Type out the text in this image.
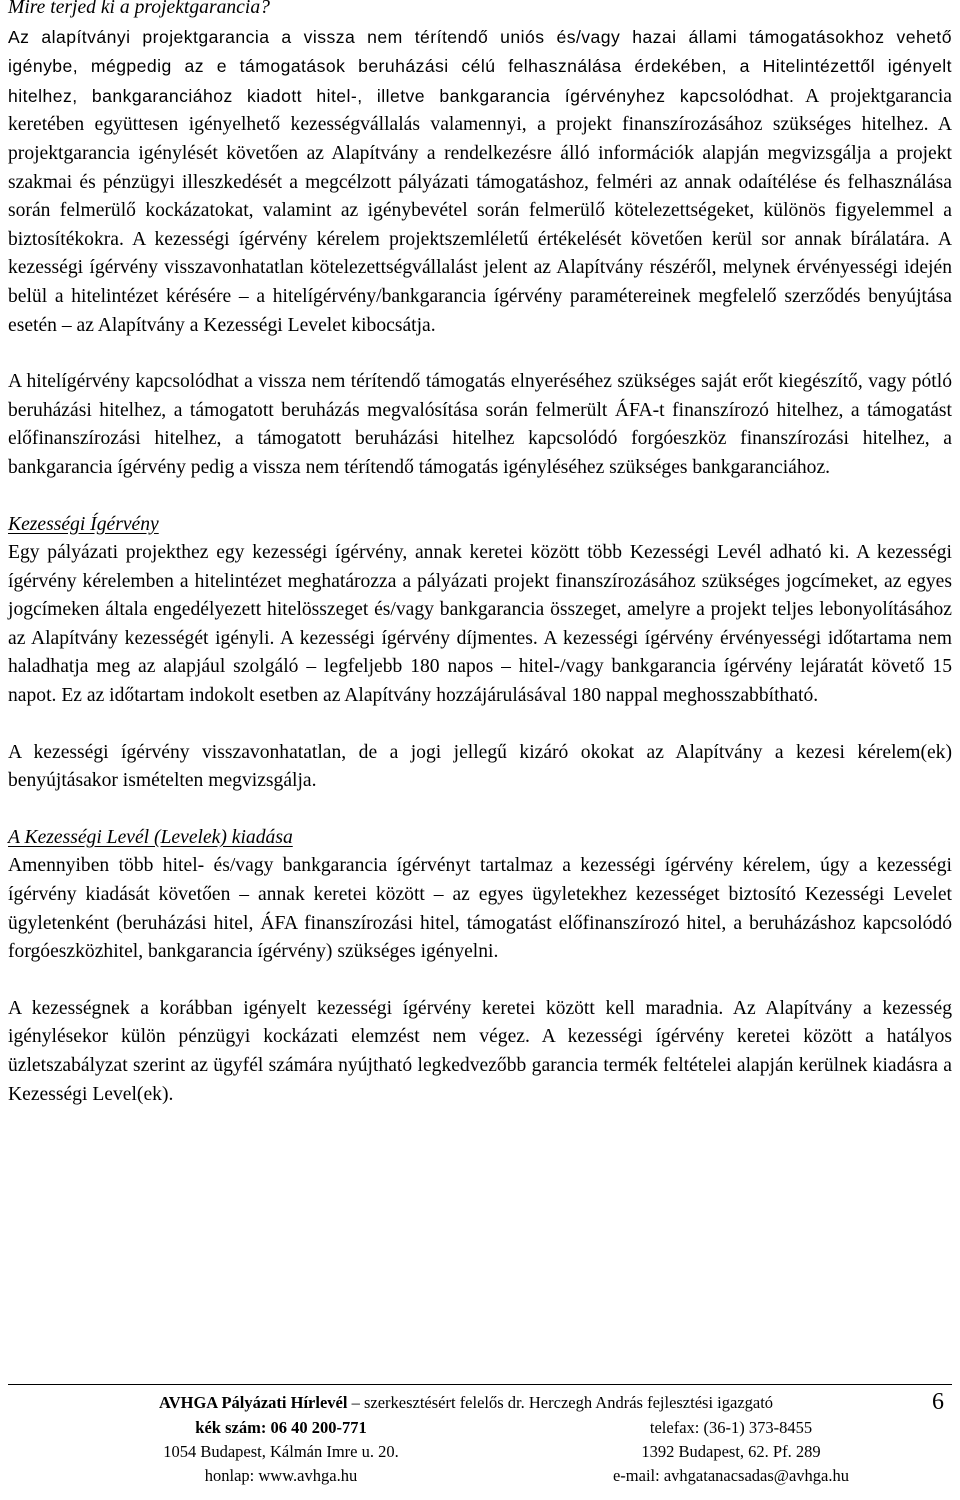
Mire terjed ki a projektgarancia?

Az alapítványi projektgarancia a vissza nem térítendő uniós és/vagy hazai állami támogatásokhoz vehető igénybe, mégpedig az e támogatások beruházási célú felhasználása érdekében, a Hitelintézettől igényelt hitelhez, bankgaranciához kiadott hitel-, illetve bankgarancia ígérvényhez kapcsolódhat. A projektgarancia keretében együttesen igényelhető kezességvállalás valamennyi, a projekt finanszírozásához szükséges hitelhez. A projektgarancia igénylését követően az Alapítvány a rendelkezésre álló információk alapján megvizsgálja a projekt szakmai és pénzügyi illeszkedését a megcélzott pályázati támogatáshoz, felméri az annak odaítélése és felhasználása során felmerülő kockázatokat, valamint az igénybevétel során felmerülő kötelezettségeket, különös figyelemmel a biztosítékokra. A kezességi ígérvény kérelem projektszemléletű értékelését követően kerül sor annak bírálatára. A kezességi ígérvény visszavonhatatlan kötelezettségvállalást jelent az Alapítvány részéről, melynek érvényességi idején belül a hitelintézet kérésére – a hitelígérvény/bankgarancia ígérvény paramétereinek megfelelő szerződés benyújtása esetén – az Alapítvány a Kezességi Levelet kibocsátja.

A hitelígérvény kapcsolódhat a vissza nem térítendő támogatás elnyeréséhez szükséges saját erőt kiegészítő, vagy pótló beruházási hitelhez, a támogatott beruházás megvalósítása során felmerült ÁFA-t finanszírozó hitelhez, a támogatást előfinanszírozási hitelhez, a támogatott beruházási hitelhez kapcsolódó forgóeszköz finanszírozási hitelhez, a bankgarancia ígérvény pedig a vissza nem térítendő támogatás igényléséhez szükséges bankgaranciához.

Kezességi Ígérvény

Egy pályázati projekthez egy kezességi ígérvény, annak keretei között több Kezességi Levél adható ki. A kezességi ígérvény kérelemben a hitelintézet meghatározza a pályázati projekt finanszírozásához szükséges jogcímeket, az egyes jogcímeken általa engedélyezett hitelösszeget és/vagy bankgarancia összeget, amelyre a projekt teljes lebonyolításához az Alapítvány kezességét igényli. A kezességi ígérvény díjmentes. A kezességi ígérvény érvényességi időtartama nem haladhatja meg az alapjául szolgáló – legfeljebb 180 napos – hitel-/vagy bankgarancia ígérvény lejáratát követő 15 napot. Ez az időtartam indokolt esetben az Alapítvány hozzájárulásával 180 nappal meghosszabbítható.

A kezességi ígérvény visszavonhatatlan, de a jogi jellegű kizáró okokat az Alapítvány a kezesi kérelem(ek) benyújtásakor ismételten megvizsgálja.

A Kezességi Levél (Levelek) kiadása

Amennyiben több hitel- és/vagy bankgarancia ígérvényt tartalmaz a kezességi ígérvény kérelem, úgy a kezességi ígérvény kiadását követően – annak keretei között – az egyes ügyletekhez kezességet biztosító Kezességi Levelet ügyletenként (beruházási hitel, ÁFA finanszírozási hitel, támogatást előfinanszírozó hitel, a beruházáshoz kapcsolódó forgóeszközhitel, bankgarancia ígérvény) szükséges igényelni.

A kezességnek a korábban igényelt kezességi ígérvény keretei között kell maradnia. Az Alapítvány a kezesség igénylésekor külön pénzügyi kockázati elemzést nem végez. A kezességi ígérvény keretei között a hatályos üzletszabályzat szerint az ügyfél számára nyújtható legkedvezőbb garancia termék feltételei alapján kerülnek kiadásra a Kezességi Level(ek).

AVHGA Pályázati Hírlevél – szerkesztésért felelős dr. Herczegh András fejlesztési igazgató
kék szám: 06 40 200-771	telefax: (36-1) 373-8455
1054 Budapest, Kálmán Imre u. 20.	1392 Budapest, 62. Pf. 289
honlap: www.avhga.hu	e-mail: avhgatanacsadas@avhga.hu
6
